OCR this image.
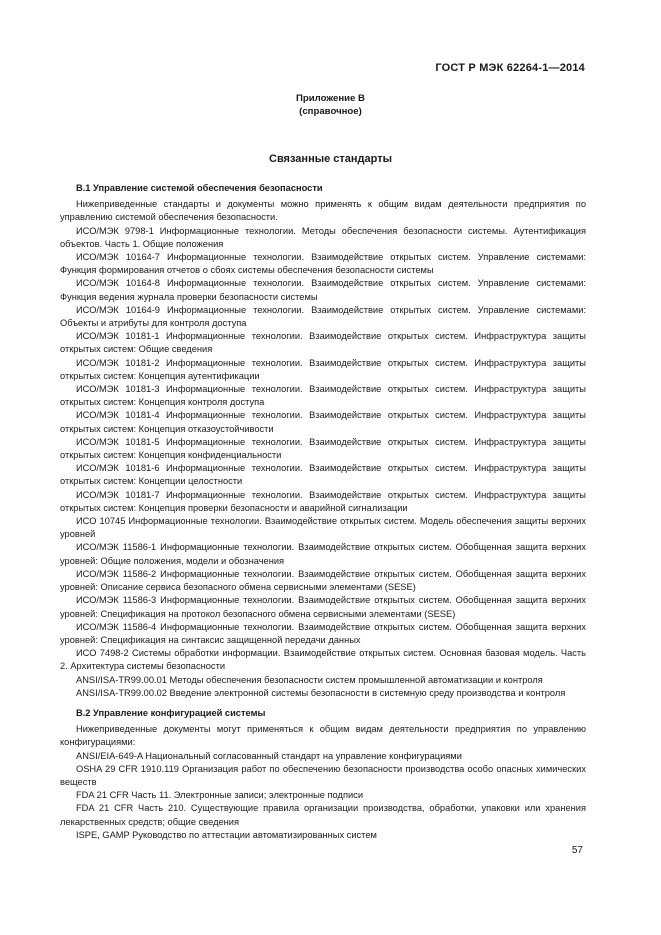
ГОСТ Р МЭК 62264-1—2014
Приложение В
(справочное)
Связанные стандарты

В.1 Управление системой обеспечения безопасности

Нижеприведенные стандарты и документы можно применять к общим видам деятельности предприятия по управлению системой обеспечения безопасности.

ИСО/МЭК 9798-1 Информационные технологии. Методы обеспечения безопасности системы. Аутентификация объектов. Часть 1. Общие положения

ИСО/МЭК 10164-7 Информационные технологии. Взаимодействие открытых систем. Управление системами: Функция формирования отчетов о сбоях системы обеспечения безопасности системы

ИСО/МЭК 10164-8 Информационные технологии. Взаимодействие открытых систем. Управление системами: Функция ведения журнала проверки безопасности системы

ИСО/МЭК 10164-9 Информационные технологии. Взаимодействие открытых систем. Управление системами: Объекты и атрибуты для контроля доступа

ИСО/МЭК 10181-1 Информационные технологии. Взаимодействие открытых систем. Инфраструктура защиты открытых систем: Общие сведения

ИСО/МЭК 10181-2 Информационные технологии. Взаимодействие открытых систем. Инфраструктура защиты открытых систем: Концепция аутентификации

ИСО/МЭК 10181-3 Информационные технологии. Взаимодействие открытых систем. Инфраструктура защиты открытых систем: Концепция контроля доступа

ИСО/МЭК 10181-4 Информационные технологии. Взаимодействие открытых систем. Инфраструктура защиты открытых систем: Концепция отказоустойчивости

ИСО/МЭК 10181-5 Информационные технологии. Взаимодействие открытых систем. Инфраструктура защиты открытых систем: Концепция конфиденциальности

ИСО/МЭК 10181-6 Информационные технологии. Взаимодействие открытых систем. Инфраструктура защиты открытых систем: Концепции целостности

ИСО/МЭК 10181-7 Информационные технологии. Взаимодействие открытых систем. Инфраструктура защиты открытых систем: Концепция проверки безопасности и аварийной сигнализации

ИСО 10745 Информационные технологии. Взаимодействие открытых систем. Модель обеспечения защиты верхних уровней

ИСО/МЭК 11586-1 Информационные технологии. Взаимодействие открытых систем. Обобщенная защита верхних уровней: Общие положения, модели и обозначения

ИСО/МЭК 11586-2 Информационные технологии. Взаимодействие открытых систем. Обобщенная защита верхних уровней: Описание сервиса безопасного обмена сервисными элементами (SESE)

ИСО/МЭК 11586-3 Информационные технологии. Взаимодействие открытых систем. Обобщенная защита верхних уровней: Спецификация на протокол безопасного обмена сервисными элементами (SESE)

ИСО/МЭК 11586-4 Информационные технологии. Взаимодействие открытых систем. Обобщенная защита верхних уровней: Спецификация на синтаксис защищенной передачи данных

ИСО 7498-2 Системы обработки информации. Взаимодействие открытых систем. Основная базовая модель. Часть 2. Архитектура системы безопасности

ANSI/ISA-TR99.00.01 Методы обеспечения безопасности систем промышленной автоматизации и контроля

ANSI/ISA-TR99.00.02 Введение электронной системы безопасности в системную среду производства и контроля

В.2 Управление конфигурацией системы

Нижеприведенные документы могут применяться к общим видам деятельности предприятия по управлению конфигурациями:

ANSI/EIA-649-A Национальный согласованный стандарт на управление конфигурациями

OSHA 29 CFR 1910.119 Организация работ по обеспечению безопасности производства особо опасных химических веществ

FDA 21 CFR Часть 11. Электронные записи; электронные подписи

FDA 21 CFR Часть 210. Существующие правила организации производства, обработки, упаковки или хранения лекарственных средств; общие сведения

ISPE, GAMP Руководство по аттестации автоматизированных систем

57
